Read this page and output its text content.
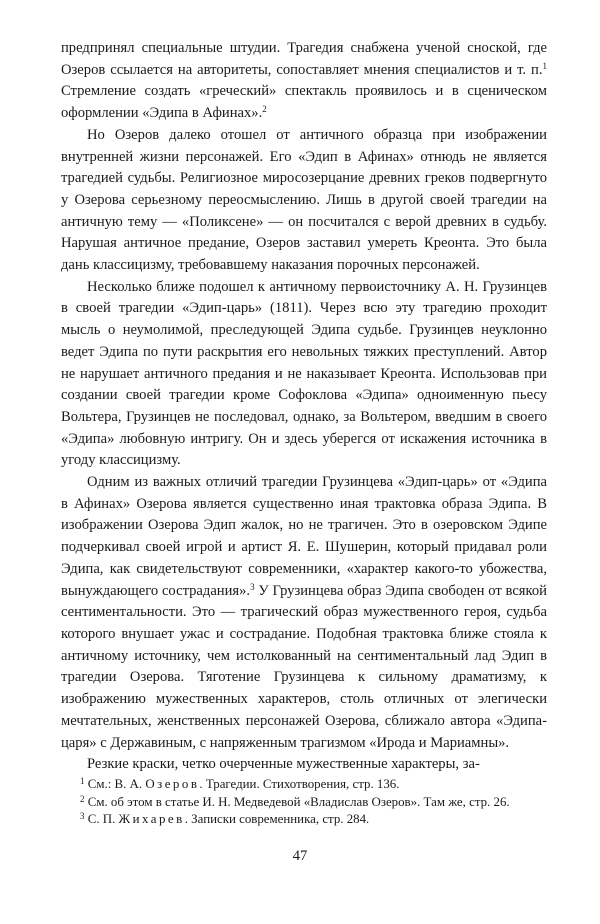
предпринял специальные штудии. Трагедия снабжена ученой сноской, где Озеров ссылается на авторитеты, сопоставляет мнения специалистов и т. п.$^1$ Стремление создать «греческий» спектакль проявилось и в сценическом оформлении «Эдипа в Афинах».$^2$

Но Озеров далеко отошел от античного образца при изображении внутренней жизни персонажей. Его «Эдип в Афинах» отнюдь не является трагедией судьбы. Религиозное миросозерцание древних греков подвергнуто у Озерова серьезному переосмыслению. Лишь в другой своей трагедии на античную тему — «Поликсене» — он посчитался с верой древних в судьбу. Нарушая античное предание, Озеров заставил умереть Креонта. Это была дань классицизму, требовавшему наказания порочных персонажей.

Несколько ближе подошел к античному первоисточнику А. Н. Грузинцев в своей трагедии «Эдип-царь» (1811). Через всю эту трагедию проходит мысль о неумолимой, преследующей Эдипа судьбе. Грузинцев неуклонно ведет Эдипа по пути раскрытия его невольных тяжких преступлений. Автор не нарушает античного предания и не наказывает Креонта. Использовав при создании своей трагедии кроме Софоклова «Эдипа» одноименную пьесу Вольтера, Грузинцев не последовал, однако, за Вольтером, введшим в своего «Эдипа» любовную интригу. Он и здесь уберегся от искажения источника в угоду классицизму.

Одним из важных отличий трагедии Грузинцева «Эдип-царь» от «Эдипа в Афинах» Озерова является существенно иная трактовка образа Эдипа. В изображении Озерова Эдип жалок, но не трагичен. Это в озеровском Эдипе подчеркивал своей игрой и артист Я. Е. Шушерин, который придавал роли Эдипа, как свидетельствуют современники, «характер какого-то убожества, вынуждающего сострадания».$^3$ У Грузинцева образ Эдипа свободен от всякой сентиментальности. Это — трагический образ мужественного героя, судьба которого внушает ужас и сострадание. Подобная трактовка ближе стояла к античному источнику, чем истолкованный на сентиментальный лад Эдип в трагедии Озерова. Тяготение Грузинцева к сильному драматизму, к изображению мужественных характеров, столь отличных от элегически мечтательных, женственных персонажей Озерова, сближало автора «Эдипа-царя» с Державиным, с напряженным трагизмом «Ирода и Мариамны».

Резкие краски, четко очерченные мужественные характеры, за-

$^1$ См.: В. А. Озеров. Трагедии. Стихотворения, стр. 136.

$^2$ См. об этом в статье И. Н. Медведевой «Владислав Озеров». Там же, стр. 26.

$^3$ С. П. Жихарев. Записки современника, стр. 284.

47
